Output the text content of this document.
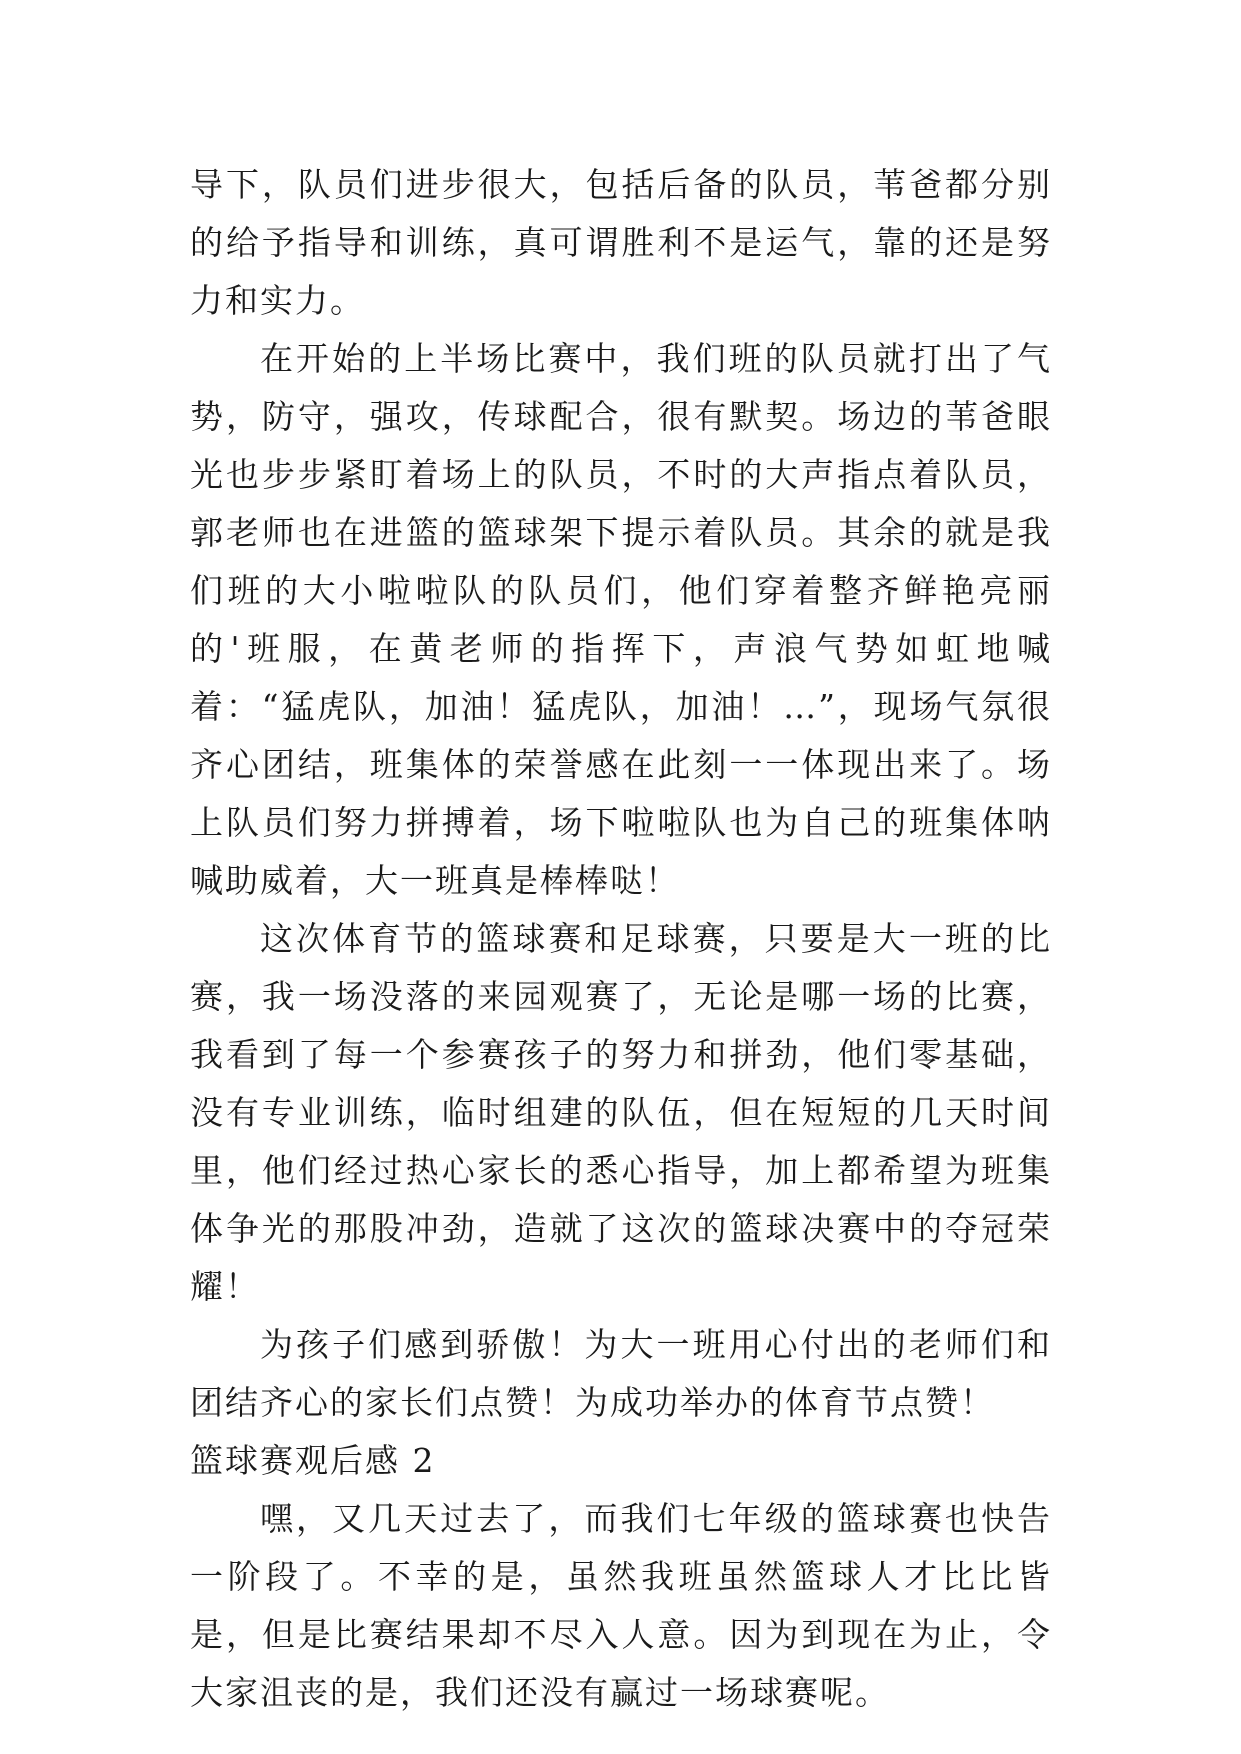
导下，队员们进步很大，包括后备的队员，苇爸都分别的给予指导和训练，真可谓胜利不是运气，靠的还是努力和实力。

在开始的上半场比赛中，我们班的队员就打出了气势，防守，强攻，传球配合，很有默契。场边的苇爸眼光也步步紧盯着场上的队员，不时的大声指点着队员，郭老师也在进篮的篮球架下提示着队员。其余的就是我们班的大小啦啦队的队员们，他们穿着整齐鲜艳亮丽的'班服，在黄老师的指挥下，声浪气势如虹地喊着：“猛虎队，加油！猛虎队，加油！…”，现场气氛很齐心团结，班集体的荣誉感在此刻一一体现出来了。场上队员们努力拼搏着，场下啦啦队也为自己的班集体呐喊助威着，大一班真是棒棒哒！

这次体育节的篮球赛和足球赛，只要是大一班的比赛，我一场没落的来园观赛了，无论是哪一场的比赛，我看到了每一个参赛孩子的努力和拼劲，他们零基础，没有专业训练，临时组建的队伍，但在短短的几天时间里，他们经过热心家长的悉心指导，加上都希望为班集体争光的那股冲劲，造就了这次的篮球决赛中的夺冠荣耀！

为孩子们感到骄傲！为大一班用心付出的老师们和团结齐心的家长们点赞！为成功举办的体育节点赞！

篮球赛观后感 2

嘿，又几天过去了，而我们七年级的篮球赛也快告一阶段了。不幸的是，虽然我班虽然篮球人才比比皆是，但是比赛结果却不尽入人意。因为到现在为止，令大家沮丧的是，我们还没有赢过一场球赛呢。
